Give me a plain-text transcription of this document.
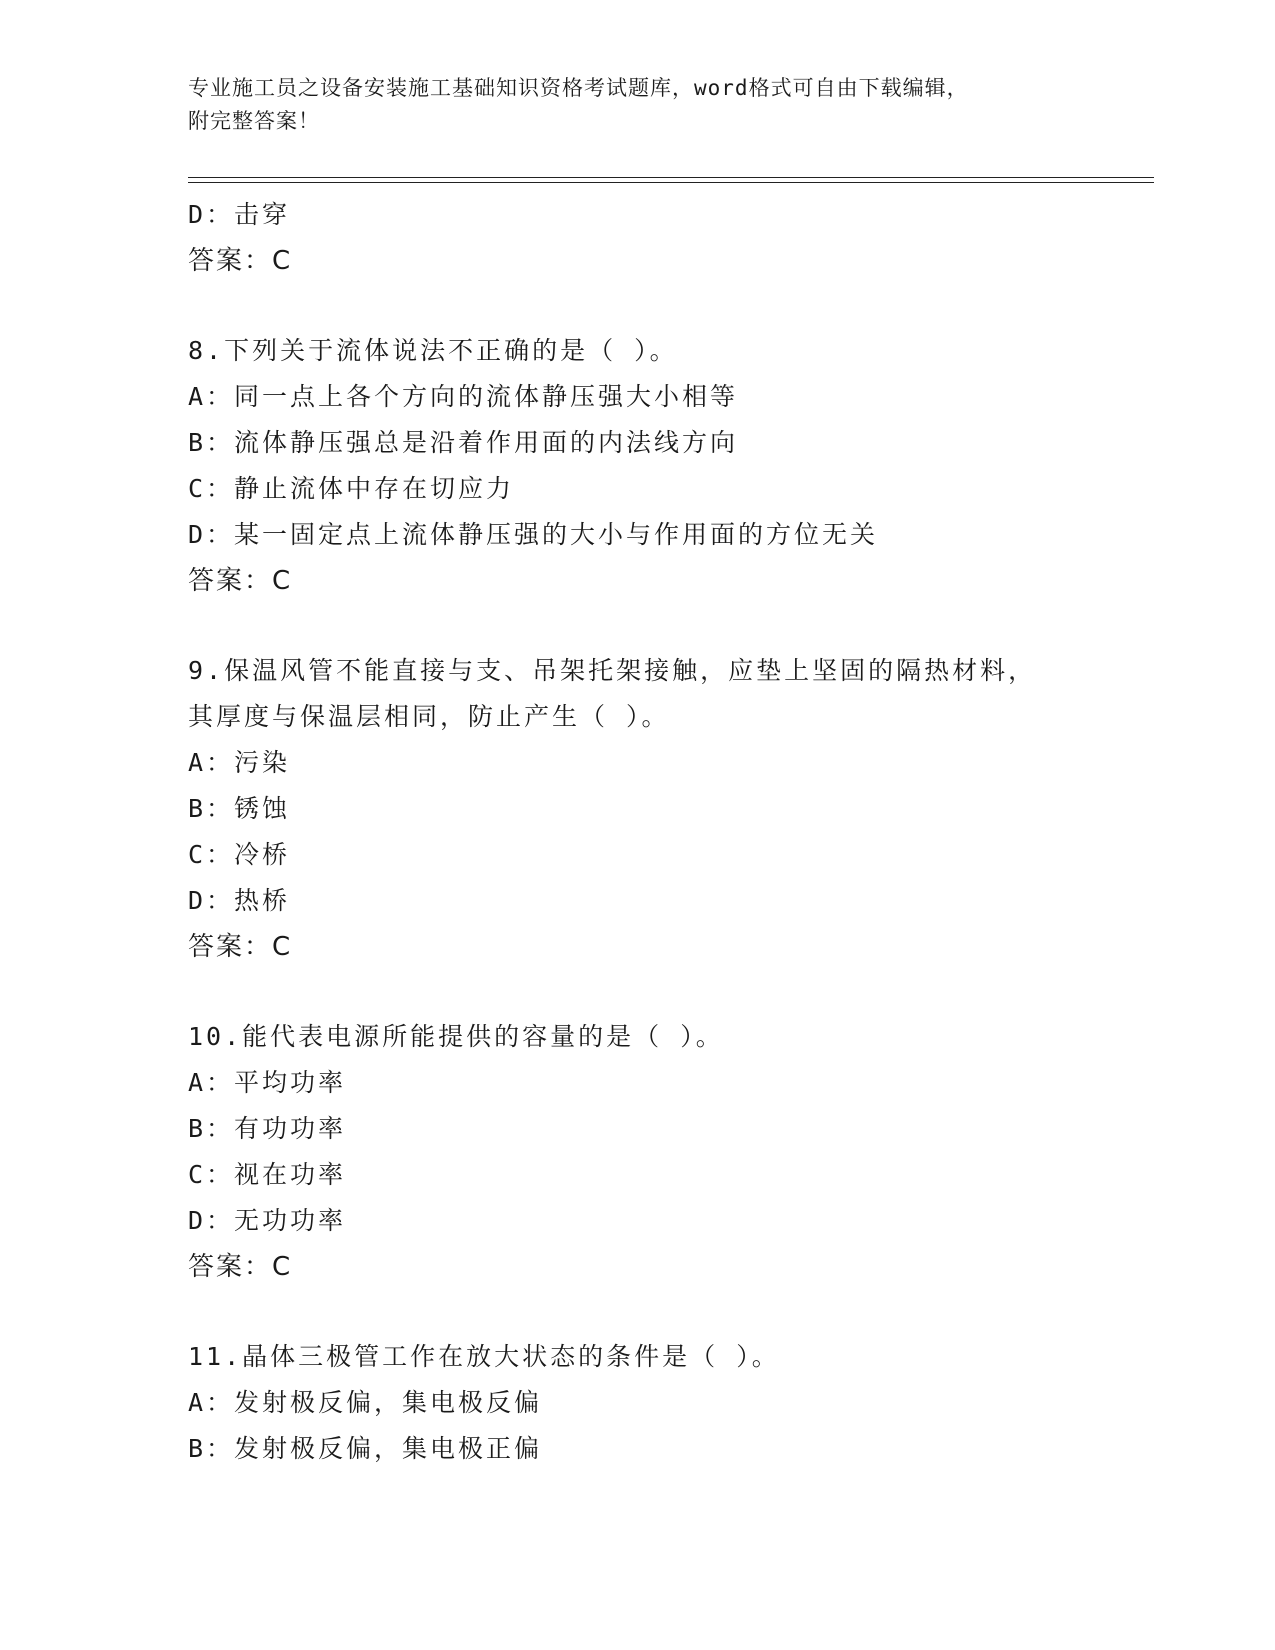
专业施工员之设备安装施工基础知识资格考试题库，word格式可自由下载编辑，
附完整答案！
D：击穿
答案：C
8.下列关于流体说法不正确的是（ ）。
A：同一点上各个方向的流体静压强大小相等
B：流体静压强总是沿着作用面的内法线方向
C：静止流体中存在切应力
D：某一固定点上流体静压强的大小与作用面的方位无关
答案：C
9.保温风管不能直接与支、吊架托架接触，应垫上坚固的隔热材料，
其厚度与保温层相同，防止产生（ ）。
A：污染
B：锈蚀
C：冷桥
D：热桥
答案：C
10.能代表电源所能提供的容量的是（ ）。
A：平均功率
B：有功功率
C：视在功率
D：无功功率
答案：C
11.晶体三极管工作在放大状态的条件是（ ）。
A：发射极反偏，集电极反偏
B：发射极反偏，集电极正偏
